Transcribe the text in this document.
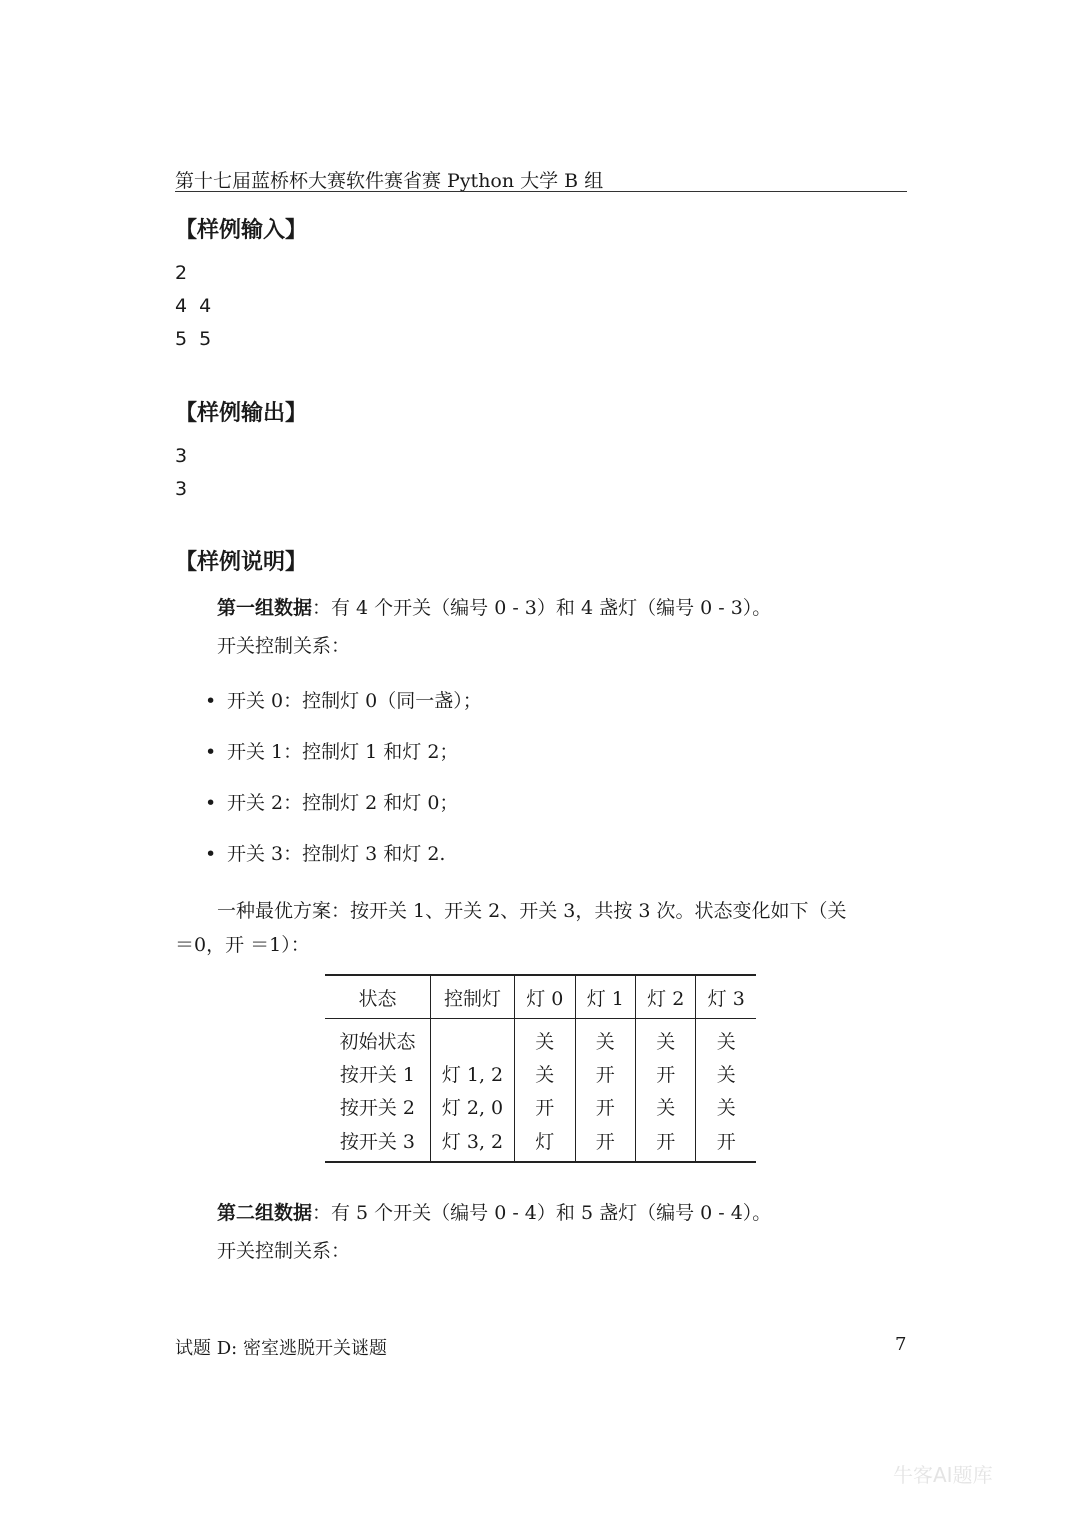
第十七届蓝桥杯大赛软件赛省赛 Python 大学 B 组
【样例输入】
2
4  4
5  5
【样例输出】
3
3
【样例说明】
第一组数据：有 4 个开关（编号 0 - 3）和 4 盏灯（编号 0 - 3）。
开关控制关系：
• 开关 0：控制灯 0（同一盏）；
• 开关 1：控制灯 1 和灯 2；
• 开关 2：控制灯 2 和灯 0；
• 开关 3：控制灯 3 和灯 2.
一种最优方案：按开关 1、开关 2、开关 3，共按 3 次。状态变化如下（关
＝0，开 ＝1）：
状态	控制灯	灯 0	灯 1	灯 2	灯 3
初始状态		关	关	关	关
按开关 1	灯 1, 2	关	开	开	关
按开关 2	灯 2, 0	开	开	关	关
按开关 3	灯 3, 2	灯	开	开	开
第二组数据：有 5 个开关（编号 0 - 4）和 5 盏灯（编号 0 - 4）。
开关控制关系：
试题 D: 密室逃脱开关谜题	7
牛客AI题库
